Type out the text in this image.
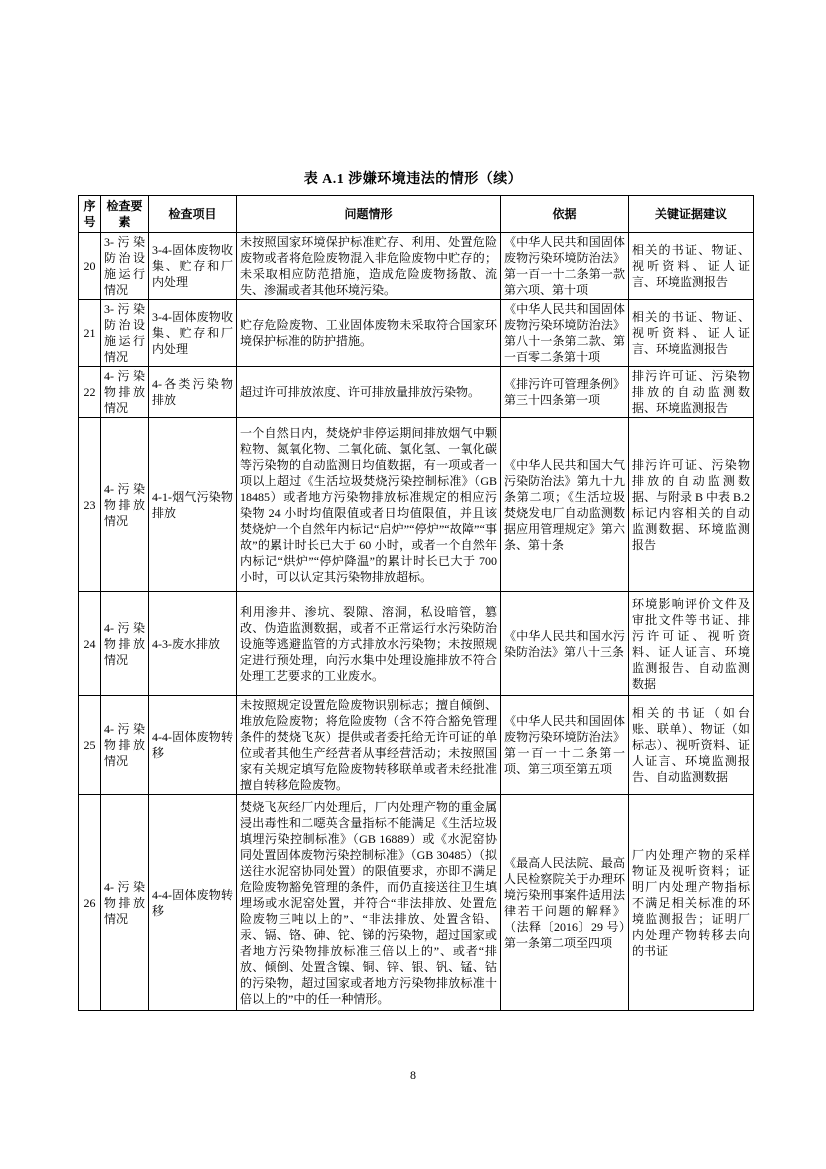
表 A.1 涉嫌环境违法的情形（续）
序号	检查要素	检查项目	问题情形	依据	关键证据建议
20	3-污染防治设施运行情况	3-4-固体废物收集、贮存和厂内处理	未按照国家环境保护标准贮存、利用、处置危险废物或者将危险废物混入非危险废物中贮存的；未采取相应防范措施，造成危险废物扬散、流失、渗漏或者其他环境污染。	《中华人民共和国固体废物污染环境防治法》第一百一十二条第一款第六项、第十项	相关的书证、物证、视听资料、证人证言、环境监测报告
21	3-污染防治设施运行情况	3-4-固体废物收集、贮存和厂内处理	贮存危险废物、工业固体废物未采取符合国家环境保护标准的防护措施。	《中华人民共和国固体废物污染环境防治法》第八十一条第二款、第一百零二条第十项	相关的书证、物证、视听资料、证人证言、环境监测报告
22	4-污染物排放情况	4-各类污染物排放	超过许可排放浓度、许可排放量排放污染物。	《排污许可管理条例》第三十四条第一项	排污许可证、污染物排放的自动监测数据、环境监测报告
23	4-污染物排放情况	4-1-烟气污染物排放	一个自然日内，焚烧炉非停运期间排放烟气中颗粒物、氮氧化物、二氧化硫、氯化氢、一氧化碳等污染物的自动监测日均值数据，有一项或者一项以上超过《生活垃圾焚烧污染控制标准》（GB 18485）或者地方污染物排放标准规定的相应污染物 24 小时均值限值或者日均值限值，并且该焚烧炉一个自然年内标记“启炉”“停炉”“故障”“事故”的累计时长已大于 60 小时，或者一个自然年内标记“烘炉”“停炉降温”的累计时长已大于 700 小时，可以认定其污染物排放超标。	《中华人民共和国大气污染防治法》第九十九条第二项；《生活垃圾焚烧发电厂自动监测数据应用管理规定》第六条、第十条	排污许可证、污染物排放的自动监测数据、与附录 B 中表 B.2 标记内容相关的自动监测数据、环境监测报告
24	4-污染物排放情况	4-3-废水排放	利用渗井、渗坑、裂隙、溶洞，私设暗管，篡改、伪造监测数据，或者不正常运行水污染防治设施等逃避监管的方式排放水污染物；未按照规定进行预处理，向污水集中处理设施排放不符合处理工艺要求的工业废水。	《中华人民共和国水污染防治法》第八十三条	环境影响评价文件及审批文件等书证、排污许可证、视听资料、证人证言、环境监测报告、自动监测数据
25	4-污染物排放情况	4-4-固体废物转移	未按照规定设置危险废物识别标志；擅自倾倒、堆放危险废物；将危险废物（含不符合豁免管理条件的焚烧飞灰）提供或者委托给无许可证的单位或者其他生产经营者从事经营活动；未按照国家有关规定填写危险废物转移联单或者未经批准擅自转移危险废物。	《中华人民共和国固体废物污染环境防治法》第一百一十二条第一项、第三项至第五项	相关的书证（如台账、联单）、物证（如标志）、视听资料、证人证言、环境监测报告、自动监测数据
26	4-污染物排放情况	4-4-固体废物转移	焚烧飞灰经厂内处理后，厂内处理产物的重金属浸出毒性和二噁英含量指标不能满足《生活垃圾填埋污染控制标准》（GB 16889）或《水泥窑协同处置固体废物污染控制标准》（GB 30485）（拟送往水泥窑协同处置）的限值要求，亦即不满足危险废物豁免管理的条件，而仍直接送往卫生填埋场或水泥窑处置，并符合“非法排放、处置危险废物三吨以上的”、“非法排放、处置含铅、汞、镉、铬、砷、铊、锑的污染物，超过国家或者地方污染物排放标准三倍以上的”、或者“排放、倾倒、处置含镍、铜、锌、银、钒、锰、钴的污染物，超过国家或者地方污染物排放标准十倍以上的”中的任一种情形。	《最高人民法院、最高人民检察院关于办理环境污染刑事案件适用法律若干问题的解释》（法释〔2016〕29 号）第一条第二项至四项	厂内处理产物的采样物证及视听资料；证明厂内处理产物指标不满足相关标准的环境监测报告；证明厂内处理产物转移去向的书证
8
